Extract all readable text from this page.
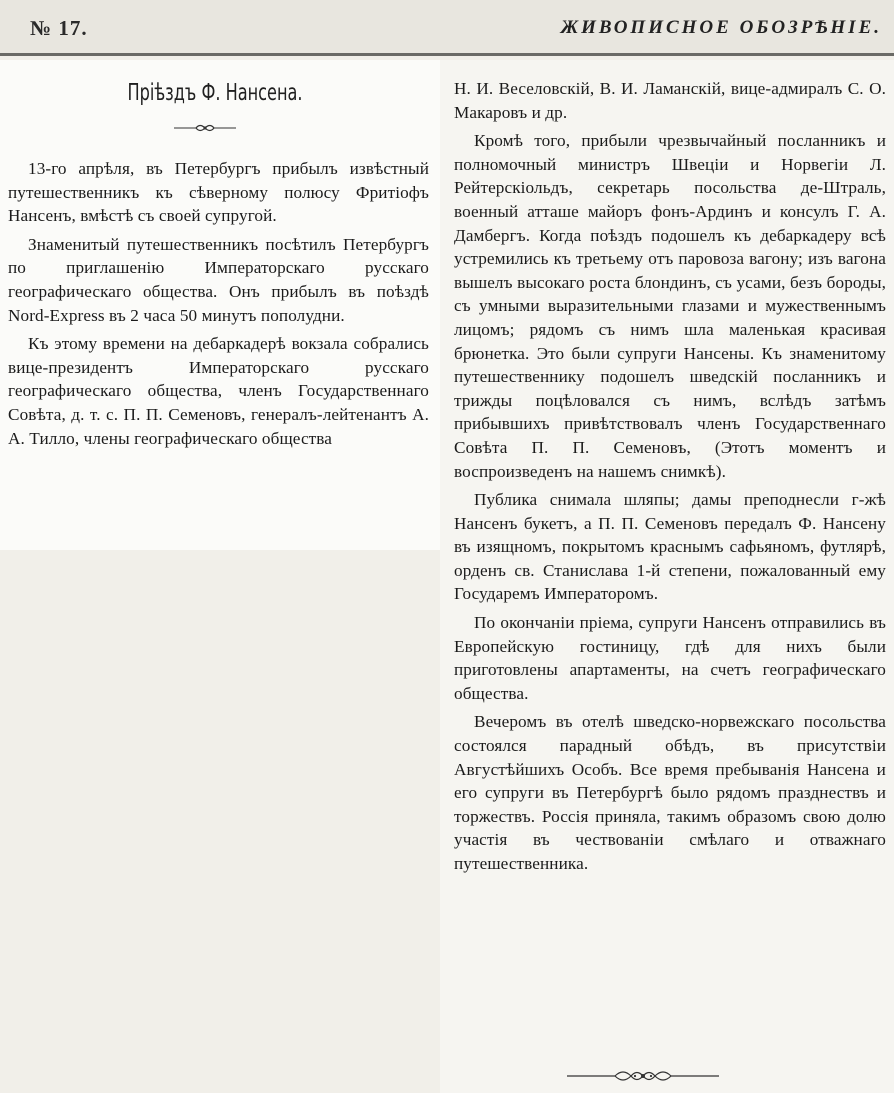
№ 17.	ЖИВОПИСНОЕ ОБОЗРѢНІЕ.
Пріѣздъ Ф. Нансена.

13-го апрѣля, въ Петербургъ прибылъ извѣстный путешественникъ къ сѣверному полюсу Фритіофъ Нансенъ, вмѣстѣ съ своей супругой.

Знаменитый путешественникъ посѣтилъ Петербургъ по приглашенію Императорскаго русскаго географическаго общества. Онъ прибылъ въ поѣздѣ Nord-Express въ 2 часа 50 минутъ пополудни.

Къ этому времени на дебаркадерѣ вокзала собрались вице-президентъ Императорскаго русскаго географическаго общества, членъ Государственнаго Совѣта, д. т. с. П. П. Семеновъ, генералъ-лейтенантъ А. А. Тилло, члены географическаго общества

Н. И. Веселовскій, В. И. Ламанскій, вице-адмиралъ С. О. Макаровъ и др.

Кромѣ того, прибыли чрезвычайный посланникъ и полномочный министръ Швеціи и Норвегіи Л. Рейтерскіольдъ, секретарь посольства де-Штраль, военный атташе майоръ фонъ-Ардинъ и консулъ Г. А. Дамбергъ. Когда поѣздъ подошелъ къ дебаркадеру всѣ устремились къ третьему отъ паровоза вагону; изъ вагона вышелъ высокаго роста блондинъ, съ усами, безъ бороды, съ умными выразительными глазами и мужественнымъ лицомъ; рядомъ съ нимъ шла маленькая красивая брюнетка. Это были супруги Нансены. Къ знаменитому путешественнику подошелъ шведскій посланникъ и трижды поцѣловался съ нимъ, вслѣдъ затѣмъ прибывшихъ привѣтствовалъ членъ Государственнаго Совѣта П. П. Семеновъ, (Этотъ моментъ и воспроизведенъ на нашемъ снимкѣ).

Публика снимала шляпы; дамы преподнесли г-жѣ Нансенъ букетъ, а П. П. Семеновъ передалъ Ф. Нансену въ изящномъ, покрытомъ краснымъ сафьяномъ, футлярѣ, орденъ св. Станислава 1-й степени, пожалованный ему Государемъ Императоромъ.

По окончаніи пріема, супруги Нансенъ отправились въ Европейскую гостиницу, гдѣ для нихъ были приготовлены апартаменты, на счетъ географическаго общества.

Вечеромъ въ отелѣ шведско-норвежскаго посольства состоялся парадный обѣдъ, въ присутствіи Августѣйшихъ Особъ. Все время пребыванія Нансена и его супруги въ Петербургѣ было рядомъ празднествъ и торжествъ. Россія приняла, такимъ образомъ свою долю участія въ чествованіи смѣлаго и отважнаго путешественника.
